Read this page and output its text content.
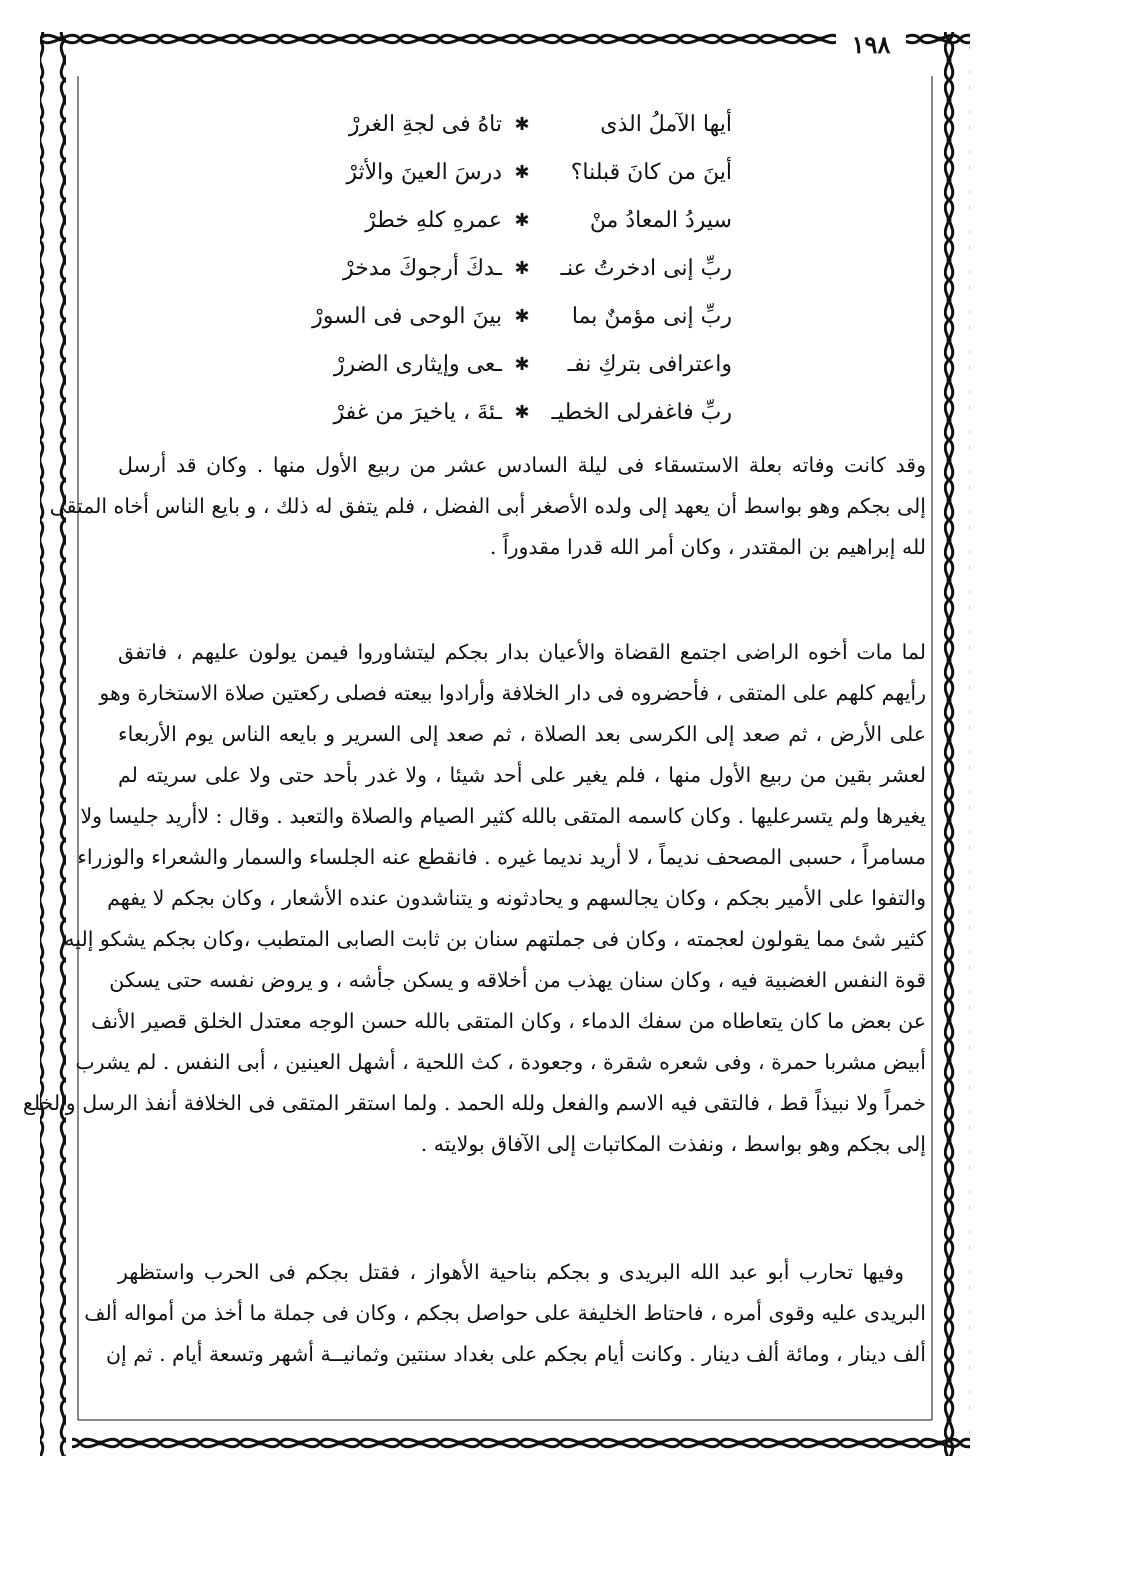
١٩٨
أيها الآملُ الذى
✱
تاهُ فى لجةِ الغررْ
أينَ من كانَ قبلنا؟
✱
درسَ العينَ والأثرْ
سيردُ المعادُ منْ
✱
عمرهِ كلهِ خطرْ
ربِّ إنى ادخرتُ عنـ
✱
ـدكَ أرجوكَ مدخرْ
ربِّ إنى مؤمنٌ بما
✱
بينَ الوحى فى السورْ
واعترافى بتركِ نفـ
✱
ـعى وإيثارى الضررْ
ربِّ فاغفرلى الخطيـ
✱
ـئةَ ، ياخيرَ من غفرْ
وقد كانت وفاته بعلة الاستسقاء فى ليلة السادس عشر من ربيع الأول منها . وكان قد أرسل
إلى بجكم وهو بواسط أن يعهد إلى ولده الأصغر أبى الفضل ، فلم يتفق له ذلك ، و بايع الناس أخاه المتقى
لله إبراهيم بن المقتدر ، وكان أمر الله قدرا مقدوراً .
لما مات أخوه الراضى اجتمع القضاة والأعيان بدار بجكم ليتشاوروا فيمن يولون عليهم ، فاتفق
رأيهم كلهم على المتقى ، فأحضروه فى دار الخلافة وأرادوا بيعته فصلى ركعتين صلاة الاستخارة وهو
على الأرض ، ثم صعد إلى الكرسى بعد الصلاة ، ثم صعد إلى السرير و بايعه الناس يوم الأربعاء
لعشر بقين من ربيع الأول منها ، فلم يغير على أحد شيئا ، ولا غدر بأحد حتى ولا على سريته لم
يغيرها ولم يتسرعليها . وكان كاسمه المتقى بالله كثير الصيام والصلاة والتعبد . وقال : لاأريد جليسا ولا
مسامراً ، حسبى المصحف نديماً ، لا أريد نديما غيره . فانقطع عنه الجلساء والسمار والشعراء والوزراء
والتفوا على الأمير بجكم ، وكان يجالسهم و يحادثونه و يتناشدون عنده الأشعار ، وكان بجكم لا يفهم
كثير شئ مما يقولون لعجمته ، وكان فى جملتهم سنان بن ثابت الصابى المتطبب ،وكان بجكم يشكو إليه
قوة النفس الغضبية فيه ، وكان سنان يهذب من أخلاقه و يسكن جأشه ، و يروض نفسه حتى يسكن
عن بعض ما كان يتعاطاه من سفك الدماء ، وكان المتقى بالله حسن الوجه معتدل الخلق قصير الأنف
أبيض مشربا حمرة ، وفى شعره شقرة ، وجعودة ، كث اللحية ، أشهل العينين ، أبى النفس . لم يشرب
خمراً ولا نبيذاً قط ، فالتقى فيه الاسم والفعل ولله الحمد . ولما استقر المتقى فى الخلافة أنفذ الرسل والخلع
إلى بجكم وهو بواسط ، ونفذت المكاتبات إلى الآفاق بولايته .
وفيها تحارب أبو عبد الله البريدى و بجكم بناحية الأهواز ، فقتل بجكم فى الحرب واستظهر
البريدى عليه وقوى أمره ، فاحتاط الخليفة على حواصل بجكم ، وكان فى جملة ما أخذ من أمواله ألف
ألف دينار ، ومائة ألف دينار . وكانت أيام بجكم على بغداد سنتين وثمانيــة أشهر وتسعة أيام . ثم إن
